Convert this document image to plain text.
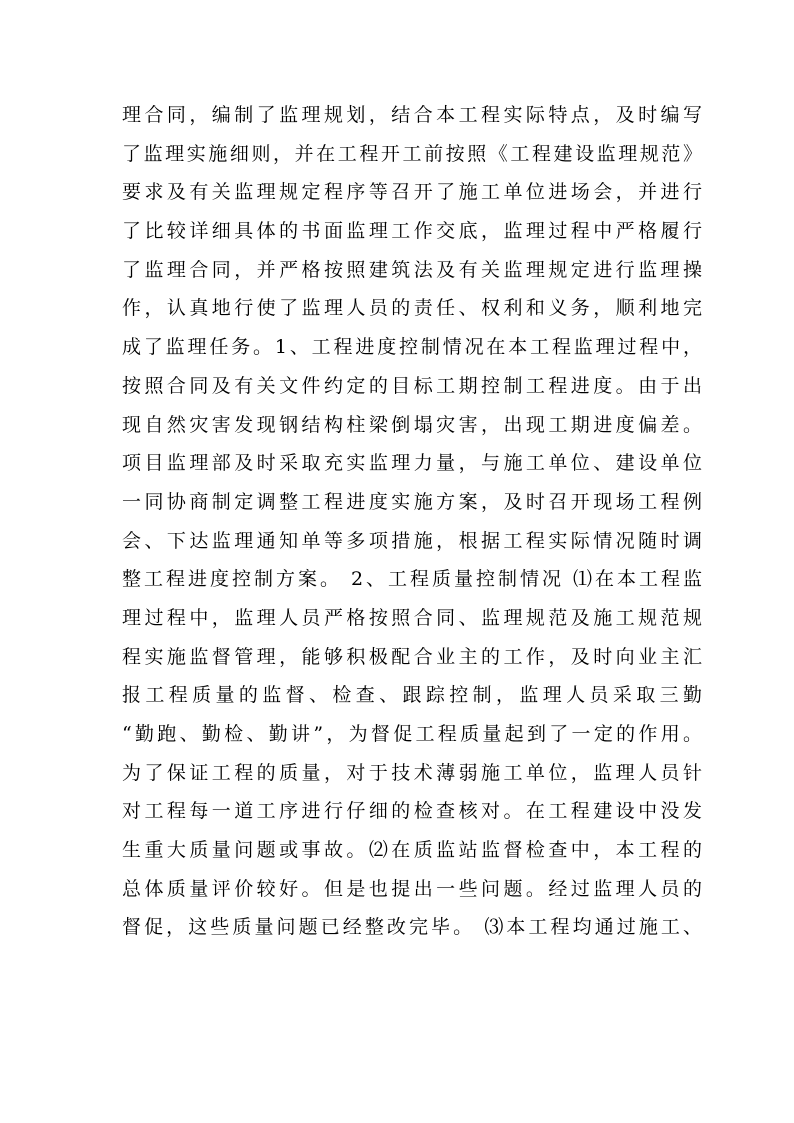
理合同，编制了监理规划，结合本工程实际特点，及时编写
了监理实施细则，并在工程开工前按照《工程建设监理规范》
要求及有关监理规定程序等召开了施工单位进场会，并进行
了比较详细具体的书面监理工作交底，监理过程中严格履行
了监理合同，并严格按照建筑法及有关监理规定进行监理操
作，认真地行使了监理人员的责任、权利和义务，顺利地完
成了监理任务。1、工程进度控制情况在本工程监理过程中，
按照合同及有关文件约定的目标工期控制工程进度。由于出
现自然灾害发现钢结构柱梁倒塌灾害，出现工期进度偏差。
项目监理部及时采取充实监理力量，与施工单位、建设单位
一同协商制定调整工程进度实施方案，及时召开现场工程例
会、下达监理通知单等多项措施，根据工程实际情况随时调
整工程进度控制方案。 2、工程质量控制情况 ⑴在本工程监
理过程中，监理人员严格按照合同、监理规范及施工规范规
程实施监督管理，能够积极配合业主的工作，及时向业主汇
报工程质量的监督、检查、跟踪控制，监理人员采取三勤
“勤跑、勤检、勤讲”，为督促工程质量起到了一定的作用。
为了保证工程的质量，对于技术薄弱施工单位，监理人员针
对工程每一道工序进行仔细的检查核对。在工程建设中没发
生重大质量问题或事故。⑵在质监站监督检查中，本工程的
总体质量评价较好。但是也提出一些问题。经过监理人员的
督促，这些质量问题已经整改完毕。 ⑶本工程均通过施工、
